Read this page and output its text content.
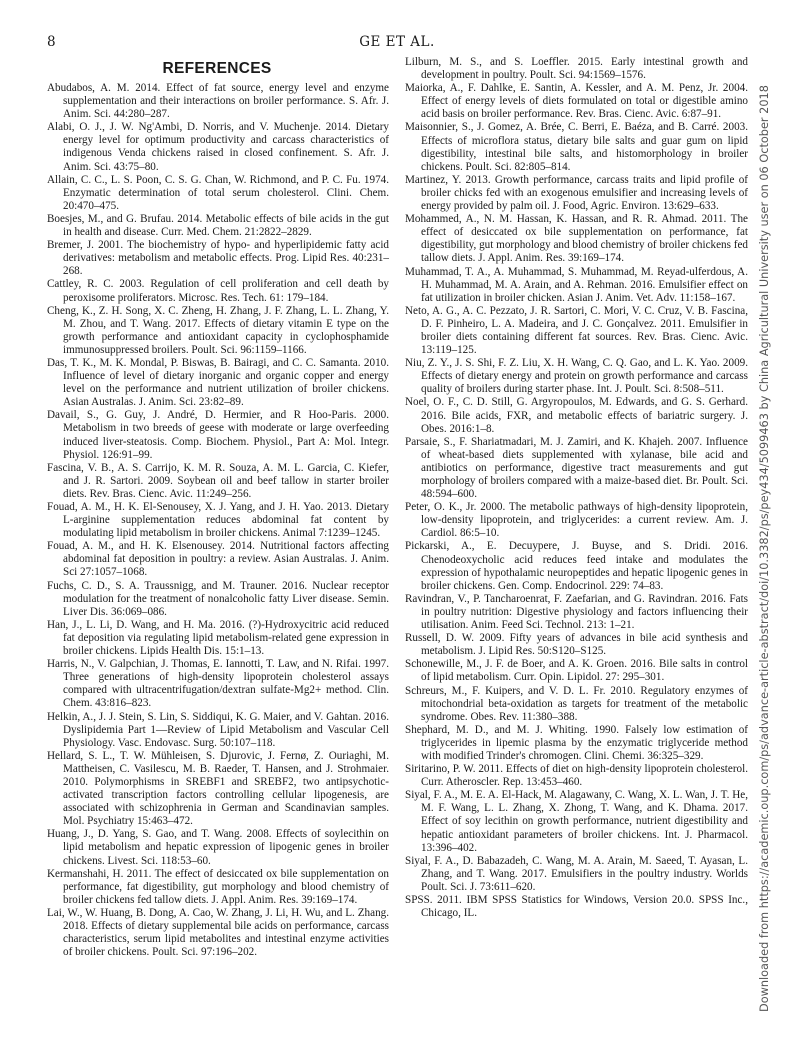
8	GE ET AL.
REFERENCES

Abudabos, A. M. 2014. Effect of fat source, energy level and enzyme supplementation and their interactions on broiler performance. S. Afr. J. Anim. Sci. 44:280–287.

Alabi, O. J., J. W. Ng'Ambi, D. Norris, and V. Muchenje. 2014. Dietary energy level for optimum productivity and carcass characteristics of indigenous Venda chickens raised in closed confinement. S. Afr. J. Anim. Sci. 43:75–80.

Allain, C. C., L. S. Poon, C. S. G. Chan, W. Richmond, and P. C. Fu. 1974. Enzymatic determination of total serum cholesterol. Clini. Chem. 20:470–475.

Boesjes, M., and G. Brufau. 2014. Metabolic effects of bile acids in the gut in health and disease. Curr. Med. Chem. 21:2822–2829.

Bremer, J. 2001. The biochemistry of hypo- and hyperlipidemic fatty acid derivatives: metabolism and metabolic effects. Prog. Lipid Res. 40:231–268.

Cattley, R. C. 2003. Regulation of cell proliferation and cell death by peroxisome proliferators. Microsc. Res. Tech. 61: 179–184.

Cheng, K., Z. H. Song, X. C. Zheng, H. Zhang, J. F. Zhang, L. L. Zhang, Y. M. Zhou, and T. Wang. 2017. Effects of dietary vitamin E type on the growth performance and antioxidant capacity in cyclophosphamide immunosuppressed broilers. Poult. Sci. 96:1159–1166.

Das, T. K., M. K. Mondal, P. Biswas, B. Bairagi, and C. C. Samanta. 2010. Influence of level of dietary inorganic and organic copper and energy level on the performance and nutrient utilization of broiler chickens. Asian Australas. J. Anim. Sci. 23:82–89.

Davail, S., G. Guy, J. André, D. Hermier, and R Hoo-Paris. 2000. Metabolism in two breeds of geese with moderate or large overfeeding induced liver-steatosis. Comp. Biochem. Physiol., Part A: Mol. Integr. Physiol. 126:91–99.

Fascina, V. B., A. S. Carrijo, K. M. R. Souza, A. M. L. Garcia, C. Kiefer, and J. R. Sartori. 2009. Soybean oil and beef tallow in starter broiler diets. Rev. Bras. Cienc. Avic. 11:249–256.

Fouad, A. M., H. K. El-Senousey, X. J. Yang, and J. H. Yao. 2013. Dietary L-arginine supplementation reduces abdominal fat content by modulating lipid metabolism in broiler chickens. Animal 7:1239–1245.

Fouad, A. M., and H. K. Elsenousey. 2014. Nutritional factors affecting abdominal fat deposition in poultry: a review. Asian Australas. J. Anim. Sci 27:1057–1068.

Fuchs, C. D., S. A. Traussnigg, and M. Trauner. 2016. Nuclear receptor modulation for the treatment of nonalcoholic fatty Liver disease. Semin. Liver Dis. 36:069–086.

Han, J., L. Li, D. Wang, and H. Ma. 2016. (?)-Hydroxycitric acid reduced fat deposition via regulating lipid metabolism-related gene expression in broiler chickens. Lipids Health Dis. 15:1–13.

Harris, N., V. Galpchian, J. Thomas, E. Iannotti, T. Law, and N. Rifai. 1997. Three generations of high-density lipoprotein cholesterol assays compared with ultracentrifugation/dextran sulfate-Mg2+ method. Clin. Chem. 43:816–823.

Helkin, A., J. J. Stein, S. Lin, S. Siddiqui, K. G. Maier, and V. Gahtan. 2016. Dyslipidemia Part 1—Review of Lipid Metabolism and Vascular Cell Physiology. Vasc. Endovasc. Surg. 50:107–118.

Hellard, S. L., T. W. Mühleisen, S. Djurovic, J. Fernø, Z. Ouriaghi, M. Mattheisen, C. Vasilescu, M. B. Raeder, T. Hansen, and J. Strohmaier. 2010. Polymorphisms in SREBF1 and SREBF2, two antipsychotic-activated transcription factors controlling cellular lipogenesis, are associated with schizophrenia in German and Scandinavian samples. Mol. Psychiatry 15:463–472.

Huang, J., D. Yang, S. Gao, and T. Wang. 2008. Effects of soylecithin on lipid metabolism and hepatic expression of lipogenic genes in broiler chickens. Livest. Sci. 118:53–60.

Kermanshahi, H. 2011. The effect of desiccated ox bile supplementation on performance, fat digestibility, gut morphology and blood chemistry of broiler chickens fed tallow diets. J. Appl. Anim. Res. 39:169–174.

Lai, W., W. Huang, B. Dong, A. Cao, W. Zhang, J. Li, H. Wu, and L. Zhang. 2018. Effects of dietary supplemental bile acids on performance, carcass characteristics, serum lipid metabolites and intestinal enzyme activities of broiler chickens. Poult. Sci. 97:196–202.

Lilburn, M. S., and S. Loeffler. 2015. Early intestinal growth and development in poultry. Poult. Sci. 94:1569–1576.

Maiorka, A., F. Dahlke, E. Santin, A. Kessler, and A. M. Penz, Jr. 2004. Effect of energy levels of diets formulated on total or digestible amino acid basis on broiler performance. Rev. Bras. Cienc. Avic. 6:87–91.

Maisonnier, S., J. Gomez, A. Brée, C. Berri, E. Baéza, and B. Carré. 2003. Effects of microflora status, dietary bile salts and guar gum on lipid digestibility, intestinal bile salts, and histomorphology in broiler chickens. Poult. Sci. 82:805–814.

Martinez, Y. 2013. Growth performance, carcass traits and lipid profile of broiler chicks fed with an exogenous emulsifier and increasing levels of energy provided by palm oil. J. Food, Agric. Environ. 13:629–633.

Mohammed, A., N. M. Hassan, K. Hassan, and R. R. Ahmad. 2011. The effect of desiccated ox bile supplementation on performance, fat digestibility, gut morphology and blood chemistry of broiler chickens fed tallow diets. J. Appl. Anim. Res. 39:169–174.

Muhammad, T. A., A. Muhammad, S. Muhammad, M. Reyad-ulferdous, A. H. Muhammad, M. A. Arain, and A. Rehman. 2016. Emulsifier effect on fat utilization in broiler chicken. Asian J. Anim. Vet. Adv. 11:158–167.

Neto, A. G., A. C. Pezzato, J. R. Sartori, C. Mori, V. C. Cruz, V. B. Fascina, D. F. Pinheiro, L. A. Madeira, and J. C. Gonçalvez. 2011. Emulsifier in broiler diets containing different fat sources. Rev. Bras. Cienc. Avic. 13:119–125.

Niu, Z. Y., J. S. Shi, F. Z. Liu, X. H. Wang, C. Q. Gao, and L. K. Yao. 2009. Effects of dietary energy and protein on growth performance and carcass quality of broilers during starter phase. Int. J. Poult. Sci. 8:508–511.

Noel, O. F., C. D. Still, G. Argyropoulos, M. Edwards, and G. S. Gerhard. 2016. Bile acids, FXR, and metabolic effects of bariatric surgery. J. Obes. 2016:1–8.

Parsaie, S., F. Shariatmadari, M. J. Zamiri, and K. Khajeh. 2007. Influence of wheat-based diets supplemented with xylanase, bile acid and antibiotics on performance, digestive tract measurements and gut morphology of broilers compared with a maize-based diet. Br. Poult. Sci. 48:594–600.

Peter, O. K., Jr. 2000. The metabolic pathways of high-density lipoprotein, low-density lipoprotein, and triglycerides: a current review. Am. J. Cardiol. 86:5–10.

Pickarski, A., E. Decuypere, J. Buyse, and S. Dridi. 2016. Chenodeoxycholic acid reduces feed intake and modulates the expression of hypothalamic neuropeptides and hepatic lipogenic genes in broiler chickens. Gen. Comp. Endocrinol. 229: 74–83.

Ravindran, V., P. Tancharoenrat, F. Zaefarian, and G. Ravindran. 2016. Fats in poultry nutrition: Digestive physiology and factors influencing their utilisation. Anim. Feed Sci. Technol. 213: 1–21.

Russell, D. W. 2009. Fifty years of advances in bile acid synthesis and metabolism. J. Lipid Res. 50:S120–S125.

Schonewille, M., J. F. de Boer, and A. K. Groen. 2016. Bile salts in control of lipid metabolism. Curr. Opin. Lipidol. 27: 295–301.

Schreurs, M., F. Kuipers, and V. D. L. Fr. 2010. Regulatory enzymes of mitochondrial beta-oxidation as targets for treatment of the metabolic syndrome. Obes. Rev. 11:380–388.

Shephard, M. D., and M. J. Whiting. 1990. Falsely low estimation of triglycerides in lipemic plasma by the enzymatic triglyceride method with modified Trinder's chromogen. Clini. Chemi. 36:325–329.

Siritarino, P. W. 2011. Effects of diet on high-density lipoprotein cholesterol. Curr. Atheroscler. Rep. 13:453–460.

Siyal, F. A., M. E. A. El-Hack, M. Alagawany, C. Wang, X. L. Wan, J. T. He, M. F. Wang, L. L. Zhang, X. Zhong, T. Wang, and K. Dhama. 2017. Effect of soy lecithin on growth performance, nutrient digestibility and hepatic antioxidant parameters of broiler chickens. Int. J. Pharmacol. 13:396–402.

Siyal, F. A., D. Babazadeh, C. Wang, M. A. Arain, M. Saeed, T. Ayasan, L. Zhang, and T. Wang. 2017. Emulsifiers in the poultry industry. Worlds Poult. Sci. J. 73:611–620.

SPSS. 2011. IBM SPSS Statistics for Windows, Version 20.0. SPSS Inc., Chicago, IL.	Downloaded from https://academic.oup.com/ps/advance-article-abstract/doi/10.3382/ps/pey434/5099463 by China Agricultural University user on 06 October 2018
